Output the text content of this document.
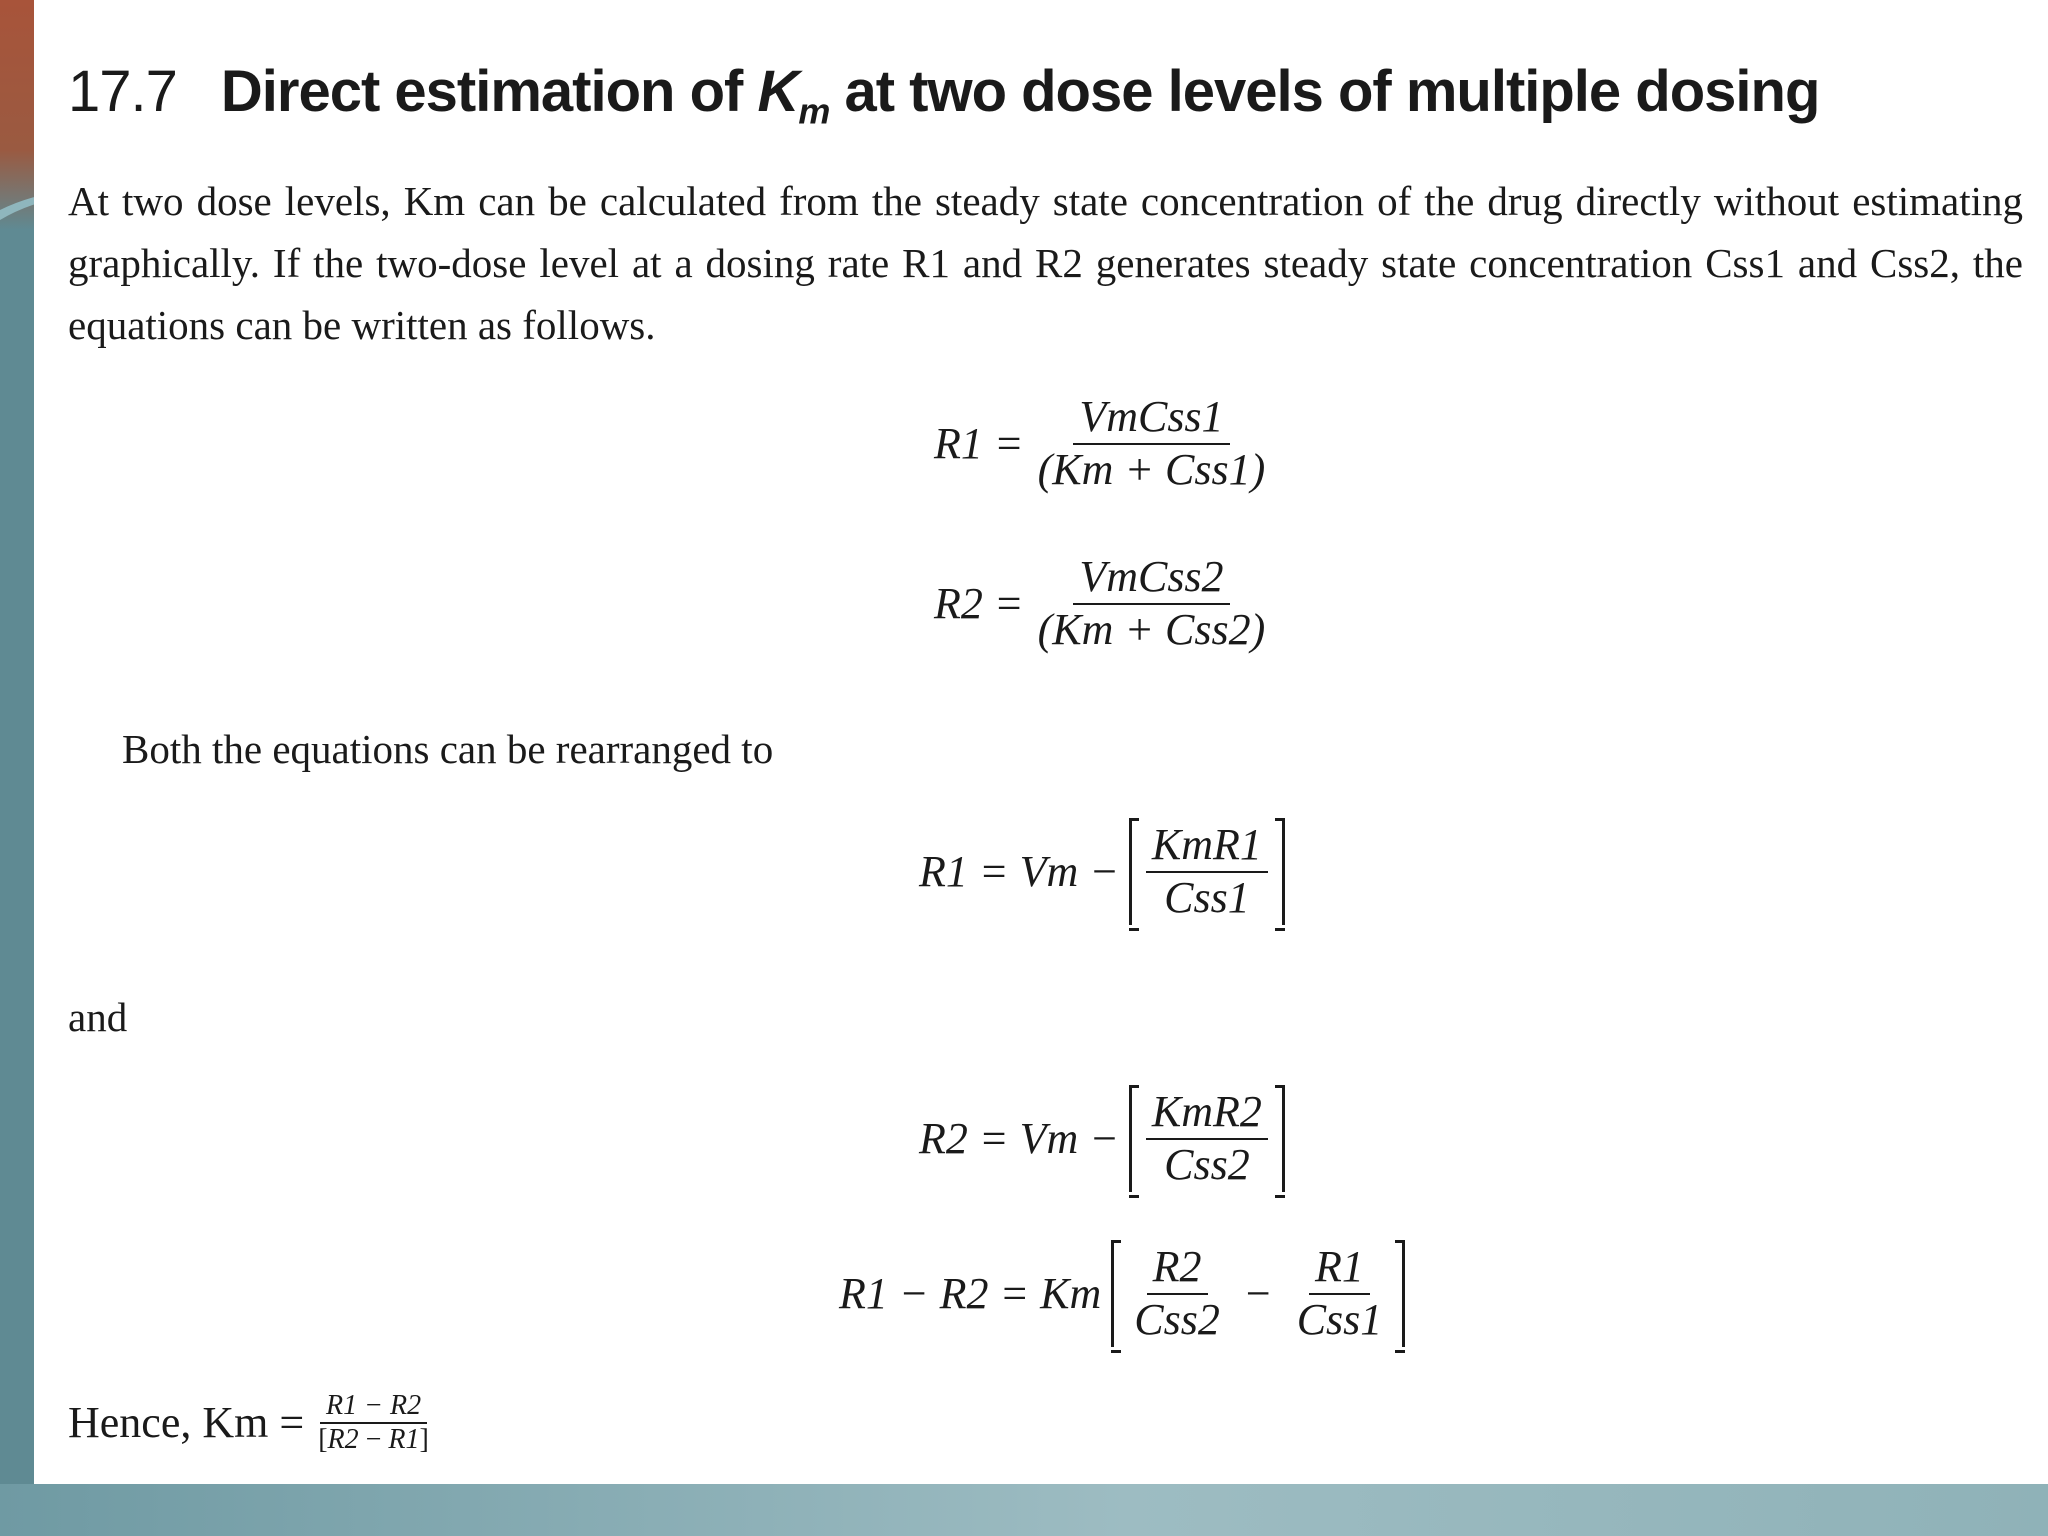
17.7 Direct estimation of $K_m$ at two dose levels of multiple dosing
At two dose levels, Km can be calculated from the steady state concentration of the drug directly without estimating
graphically. If the two-dose level at a dosing rate R1 and R2 generates steady state concentration Css1 and Css2, the
equations can be written as follows.
$R1 = \frac{\text{VmCss1}}{\text{(Km + Css1)}}$
$R2 = \frac{\text{VmCss2}}{\text{(Km + Css2)}}$
Both the equations can be rearranged to
$R1 = Vm - \frac{\text{KmR1}}{\text{Css1}}$
and
$R2 = Vm - \frac{\text{KmR2}}{\text{Css2}}$
R1 − R2 = Km $\frac{R2}{\text{Css2}} - \frac{R1}{\text{Css1}}$
Hence, $Km = \frac{R1 - R2}{[R2 - R1]}$
